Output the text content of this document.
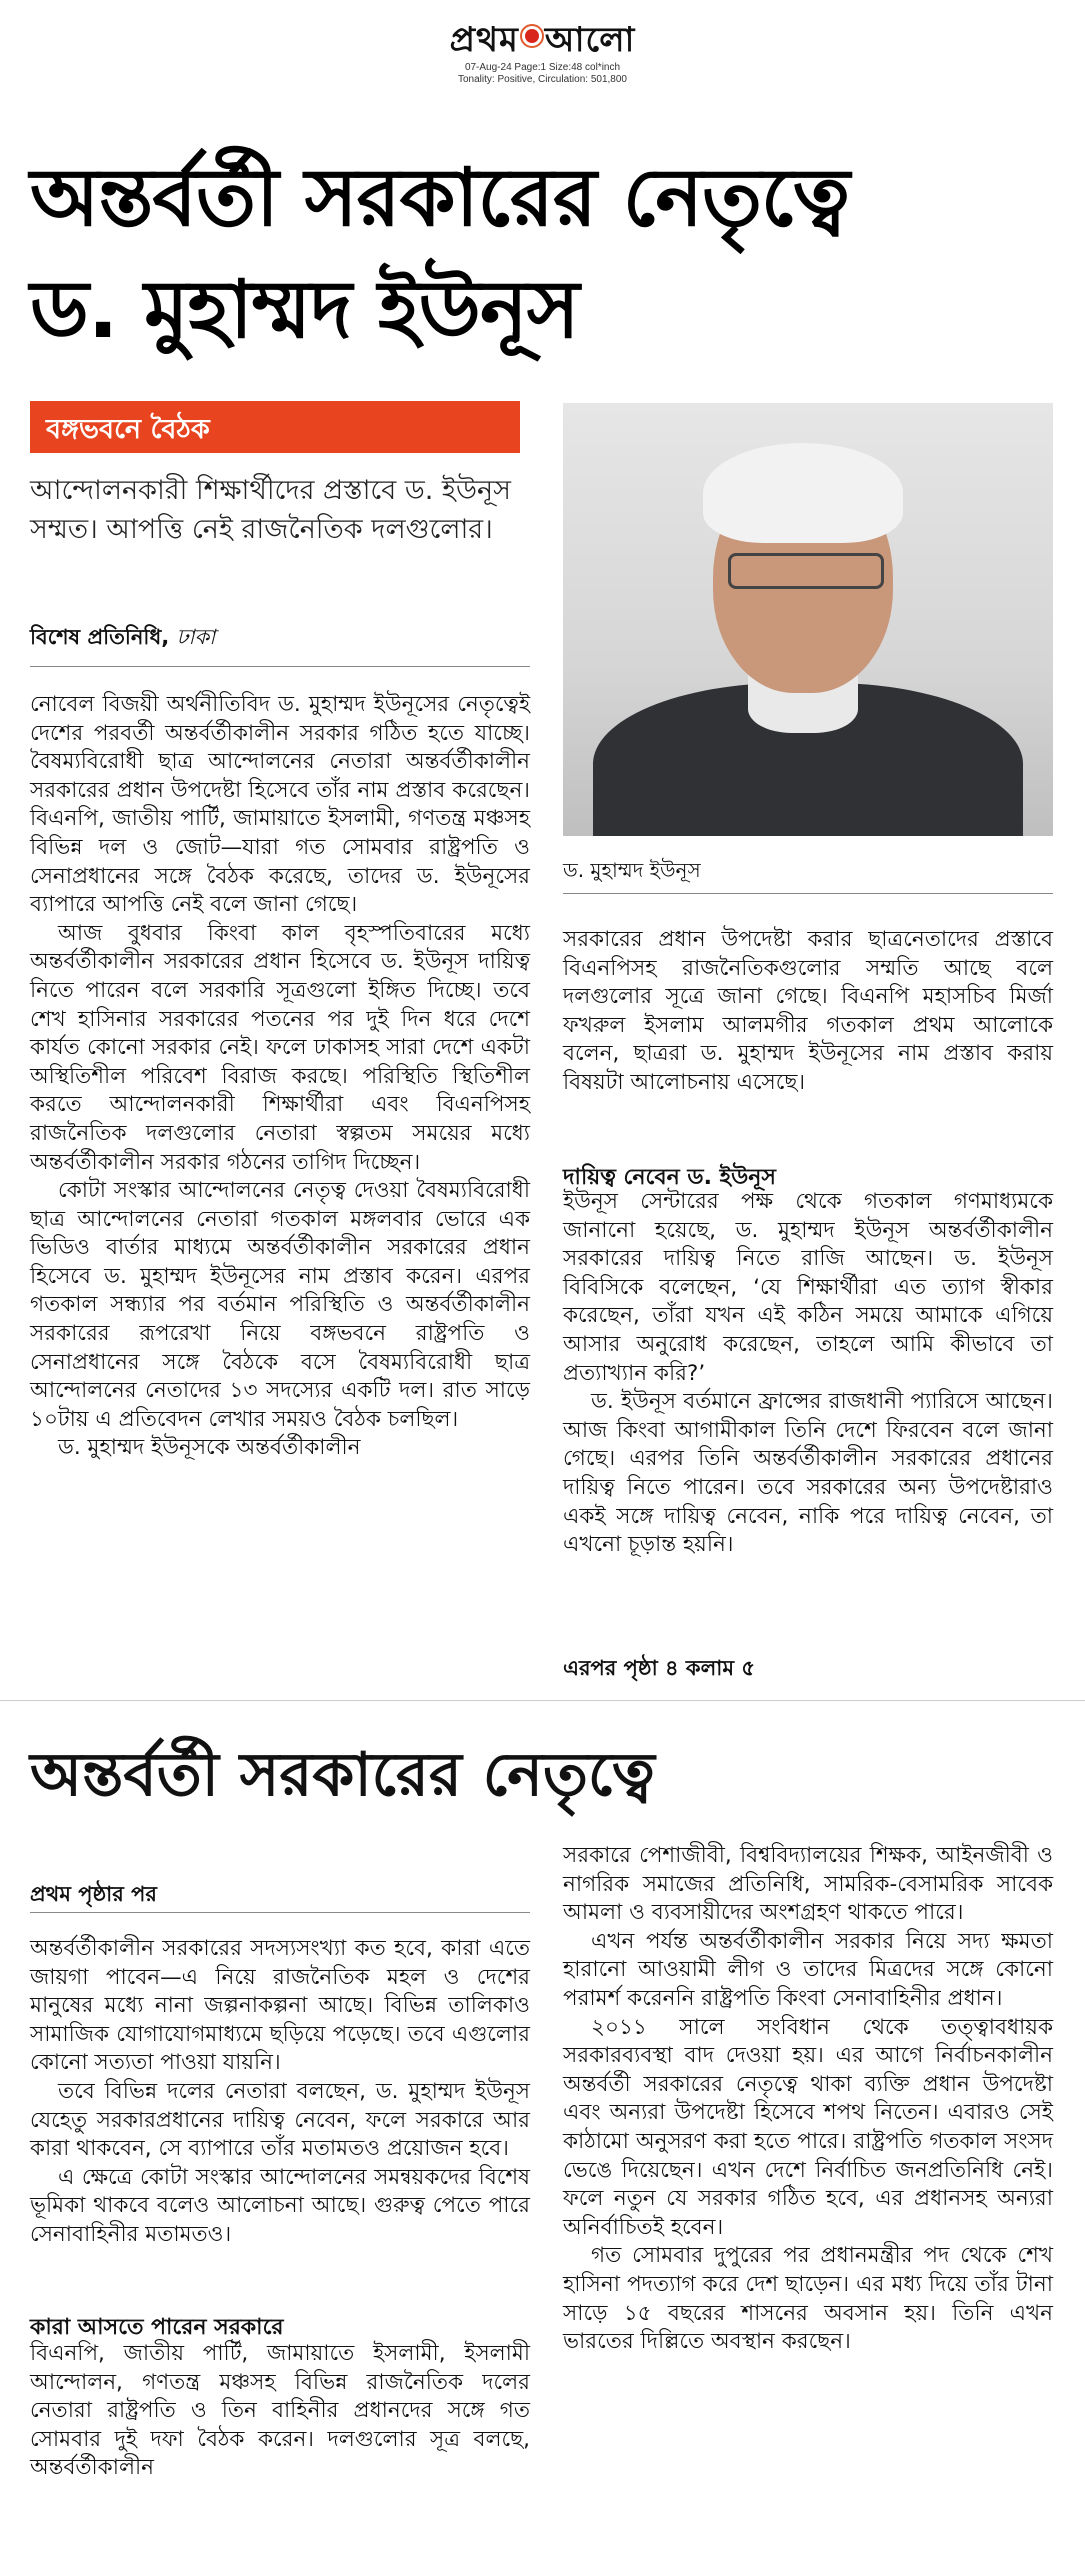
প্রথম আলো
07-Aug-24 Page:1 Size:48 col*inch
Tonality: Positive, Circulation: 501,800
অন্তর্বর্তী সরকারের নেতৃত্বে
ড. মুহাম্মদ ইউনূস
বঙ্গভবনে বৈঠক
আন্দোলনকারী শিক্ষার্থীদের প্রস্তাবে ড. ইউনূস সম্মত। আপত্তি নেই রাজনৈতিক দলগুলোর।
বিশেষ প্রতিনিধি, ঢাকা
ড. মুহাম্মদ ইউনূস

নোবেল বিজয়ী অর্থনীতিবিদ ড. মুহাম্মদ ইউনূসের নেতৃত্বেই দেশের পরবর্তী অন্তর্বর্তীকালীন সরকার গঠিত হতে যাচ্ছে। বৈষম্যবিরোধী ছাত্র আন্দোলনের নেতারা অন্তর্বর্তীকালীন সরকারের প্রধান উপদেষ্টা হিসেবে তাঁর নাম প্রস্তাব করেছেন। বিএনপি, জাতীয় পার্টি, জামায়াতে ইসলামী, গণতন্ত্র মঞ্চসহ বিভিন্ন দল ও জোট—যারা গত সোমবার রাষ্ট্রপতি ও সেনাপ্রধানের সঙ্গে বৈঠক করেছে, তাদের ড. ইউনূসের ব্যাপারে আপত্তি নেই বলে জানা গেছে।

আজ বুধবার কিংবা কাল বৃহস্পতিবারের মধ্যে অন্তর্বর্তীকালীন সরকারের প্রধান হিসেবে ড. ইউনূস দায়িত্ব নিতে পারেন বলে সরকারি সূত্রগুলো ইঙ্গিত দিচ্ছে। তবে শেখ হাসিনার সরকারের পতনের পর দুই দিন ধরে দেশে কার্যত কোনো সরকার নেই। ফলে ঢাকাসহ সারা দেশে একটা অস্থিতিশীল পরিবেশ বিরাজ করছে। পরিস্থিতি স্থিতিশীল করতে আন্দোলনকারী শিক্ষার্থীরা এবং বিএনপিসহ রাজনৈতিক দলগুলোর নেতারা স্বল্পতম সময়ের মধ্যে অন্তর্বর্তীকালীন সরকার গঠনের তাগিদ দিচ্ছেন।

কোটা সংস্কার আন্দোলনের নেতৃত্ব দেওয়া বৈষম্যবিরোধী ছাত্র আন্দোলনের নেতারা গতকাল মঙ্গলবার ভোরে এক ভিডিও বার্তার মাধ্যমে অন্তর্বর্তীকালীন সরকারের প্রধান হিসেবে ড. মুহাম্মদ ইউনূসের নাম প্রস্তাব করেন। এরপর গতকাল সন্ধ্যার পর বর্তমান পরিস্থিতি ও অন্তর্বর্তীকালীন সরকারের রূপরেখা নিয়ে বঙ্গভবনে রাষ্ট্রপতি ও সেনাপ্রধানের সঙ্গে বৈঠকে বসে বৈষম্যবিরোধী ছাত্র আন্দোলনের নেতাদের ১৩ সদস্যের একটি দল। রাত সাড়ে ১০টায় এ প্রতিবেদন লেখার সময়ও বৈঠক চলছিল।

ড. মুহাম্মদ ইউনূসকে অন্তর্বর্তীকালীন

সরকারের প্রধান উপদেষ্টা করার ছাত্রনেতাদের প্রস্তাবে বিএনপিসহ রাজনৈতিকগুলোর সম্মতি আছে বলে দলগুলোর সূত্রে জানা গেছে। বিএনপি মহাসচিব মির্জা ফখরুল ইসলাম আলমগীর গতকাল প্রথম আলোকে বলেন, ছাত্ররা ড. মুহাম্মদ ইউনূসের নাম প্রস্তাব করায় বিষয়টা আলোচনায় এসেছে।

দায়িত্ব নেবেন ড. ইউনূস

ইউনূস সেন্টারের পক্ষ থেকে গতকাল গণমাধ্যমকে জানানো হয়েছে, ড. মুহাম্মদ ইউনূস অন্তর্বর্তীকালীন সরকারের দায়িত্ব নিতে রাজি আছেন। ড. ইউনূস বিবিসিকে বলেছেন, ‘যে শিক্ষার্থীরা এত ত্যাগ স্বীকার করেছেন, তাঁরা যখন এই কঠিন সময়ে আমাকে এগিয়ে আসার অনুরোধ করেছেন, তাহলে আমি কীভাবে তা প্রত্যাখ্যান করি?’

ড. ইউনূস বর্তমানে ফ্রান্সের রাজধানী প্যারিসে আছেন। আজ কিংবা আগামীকাল তিনি দেশে ফিরবেন বলে জানা গেছে। এরপর তিনি অন্তর্বর্তীকালীন সরকারের প্রধানের দায়িত্ব নিতে পারেন। তবে সরকারের অন্য উপদেষ্টারাও একই সঙ্গে দায়িত্ব নেবেন, নাকি পরে দায়িত্ব নেবেন, তা এখনো চূড়ান্ত হয়নি।

এরপর পৃষ্ঠা ৪ কলাম ৫
অন্তর্বর্তী সরকারের নেতৃত্বে
প্রথম পৃষ্ঠার পর

অন্তর্বর্তীকালীন সরকারের সদস্যসংখ্যা কত হবে, কারা এতে জায়গা পাবেন—এ নিয়ে রাজনৈতিক মহল ও দেশের মানুষের মধ্যে নানা জল্পনাকল্পনা আছে। বিভিন্ন তালিকাও সামাজিক যোগাযোগমাধ্যমে ছড়িয়ে পড়েছে। তবে এগুলোর কোনো সত্যতা পাওয়া যায়নি।

তবে বিভিন্ন দলের নেতারা বলছেন, ড. মুহাম্মদ ইউনূস যেহেতু সরকারপ্রধানের দায়িত্ব নেবেন, ফলে সরকারে আর কারা থাকবেন, সে ব্যাপারে তাঁর মতামতও প্রয়োজন হবে।

এ ক্ষেত্রে কোটা সংস্কার আন্দোলনের সমন্বয়কদের বিশেষ ভূমিকা থাকবে বলেও আলোচনা আছে। গুরুত্ব পেতে পারে সেনাবাহিনীর মতামতও।

কারা আসতে পারেন সরকারে

বিএনপি, জাতীয় পার্টি, জামায়াতে ইসলামী, ইসলামী আন্দোলন, গণতন্ত্র মঞ্চসহ বিভিন্ন রাজনৈতিক দলের নেতারা রাষ্ট্রপতি ও তিন বাহিনীর প্রধানদের সঙ্গে গত সোমবার দুই দফা বৈঠক করেন। দলগুলোর সূত্র বলছে, অন্তর্বর্তীকালীন

সরকারে পেশাজীবী, বিশ্ববিদ্যালয়ের শিক্ষক, আইনজীবী ও নাগরিক সমাজের প্রতিনিধি, সামরিক-বেসামরিক সাবেক আমলা ও ব্যবসায়ীদের অংশগ্রহণ থাকতে পারে।

এখন পর্যন্ত অন্তর্বর্তীকালীন সরকার নিয়ে সদ্য ক্ষমতা হারানো আওয়ামী লীগ ও তাদের মিত্রদের সঙ্গে কোনো পরামর্শ করেননি রাষ্ট্রপতি কিংবা সেনাবাহিনীর প্রধান।

২০১১ সালে সংবিধান থেকে তত্ত্বাবধায়ক সরকারব্যবস্থা বাদ দেওয়া হয়। এর আগে নির্বাচনকালীন অন্তর্বর্তী সরকারের নেতৃত্বে থাকা ব্যক্তি প্রধান উপদেষ্টা এবং অন্যরা উপদেষ্টা হিসেবে শপথ নিতেন। এবারও সেই কাঠামো অনুসরণ করা হতে পারে। রাষ্ট্রপতি গতকাল সংসদ ভেঙে দিয়েছেন। এখন দেশে নির্বাচিত জনপ্রতিনিধি নেই। ফলে নতুন যে সরকার গঠিত হবে, এর প্রধানসহ অন্যরা অনির্বাচিতই হবেন।

গত সোমবার দুপুরের পর প্রধানমন্ত্রীর পদ থেকে শেখ হাসিনা পদত্যাগ করে দেশ ছাড়েন। এর মধ্য দিয়ে তাঁর টানা সাড়ে ১৫ বছরের শাসনের অবসান হয়। তিনি এখন ভারতের দিল্লিতে অবস্থান করছেন।
